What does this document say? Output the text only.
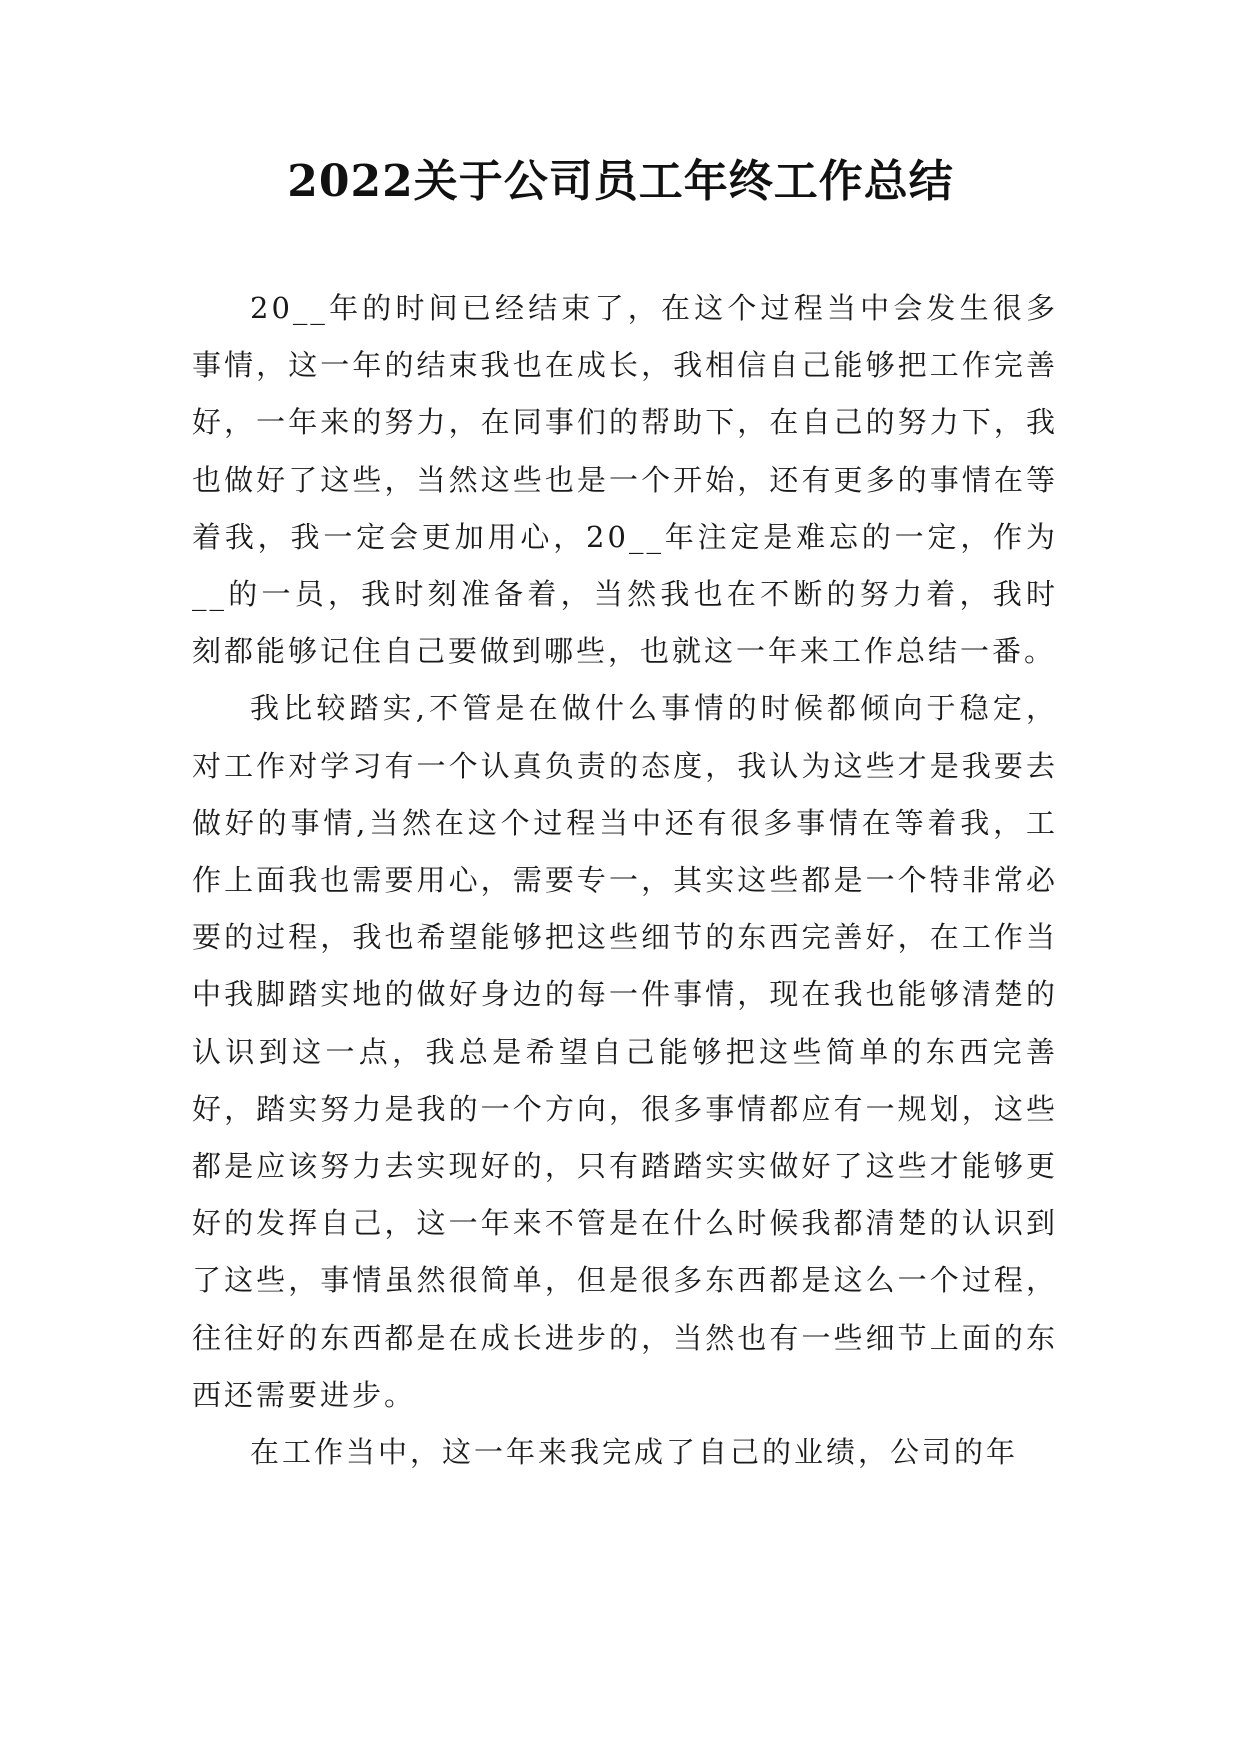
2022关于公司员工年终工作总结

20__年的时间已经结束了，在这个过程当中会发生很多事情，这一年的结束我也在成长，我相信自己能够把工作完善好，一年来的努力，在同事们的帮助下，在自己的努力下，我也做好了这些，当然这些也是一个开始，还有更多的事情在等着我，我一定会更加用心，20__年注定是难忘的一定，作为__的一员，我时刻准备着，当然我也在不断的努力着，我时刻都能够记住自己要做到哪些，也就这一年来工作总结一番。

我比较踏实,不管是在做什么事情的时候都倾向于稳定，对工作对学习有一个认真负责的态度，我认为这些才是我要去做好的事情,当然在这个过程当中还有很多事情在等着我，工作上面我也需要用心，需要专一，其实这些都是一个特非常必要的过程，我也希望能够把这些细节的东西完善好，在工作当中我脚踏实地的做好身边的每一件事情，现在我也能够清楚的认识到这一点，我总是希望自己能够把这些简单的东西完善好，踏实努力是我的一个方向，很多事情都应有一规划，这些都是应该努力去实现好的，只有踏踏实实做好了这些才能够更好的发挥自己，这一年来不管是在什么时候我都清楚的认识到了这些，事情虽然很简单，但是很多东西都是这么一个过程，往往好的东西都是在成长进步的，当然也有一些细节上面的东西还需要进步。

在工作当中，这一年来我完成了自己的业绩，公司的年
